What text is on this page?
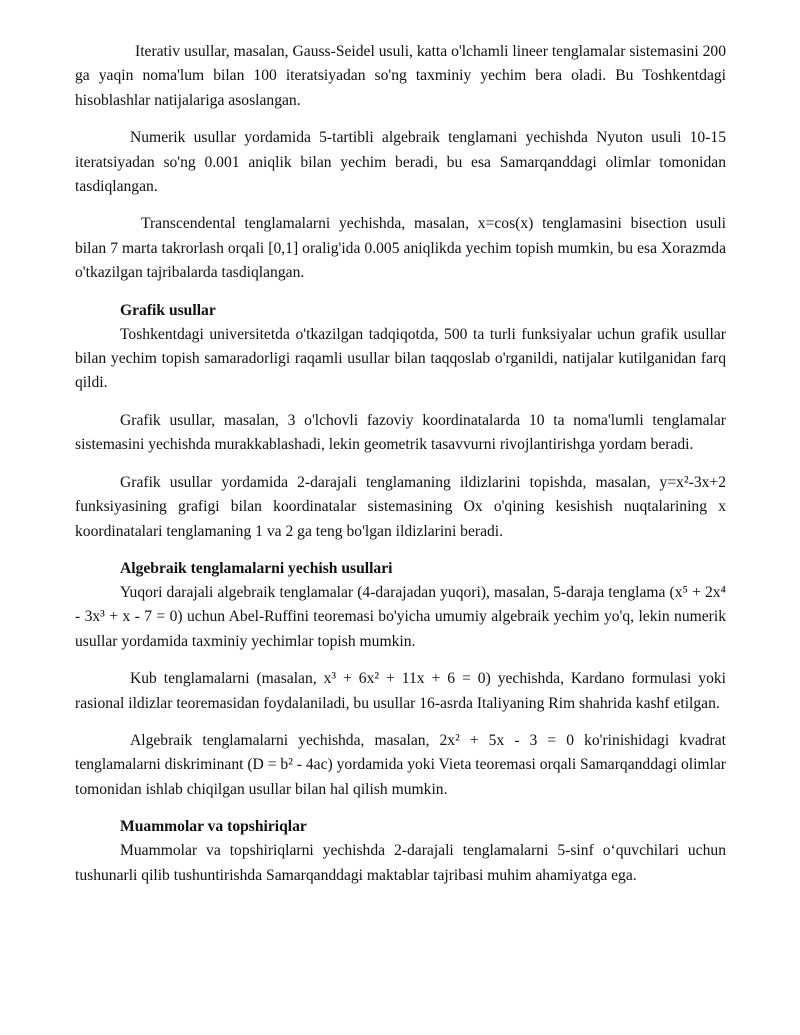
Iterativ usullar, masalan, Gauss-Seidel usuli, katta o'lchamli lineer tenglamalar sistemasini 200 ga yaqin noma'lum bilan 100 iteratsiyadan so'ng taxminiy yechim bera oladi. Bu Toshkentdagi hisoblashlar natijalariga asoslangan.

Numerik usullar yordamida 5-tartibli algebraik tenglamani yechishda Nyuton usuli 10-15 iteratsiyadan so'ng 0.001 aniqlik bilan yechim beradi, bu esa Samarqanddagi olimlar tomonidan tasdiqlangan.

Transcendental tenglamalarni yechishda, masalan, x=cos(x) tenglamasini bisection usuli bilan 7 marta takrorlash orqali [0,1] oralig'ida 0.005 aniqlikda yechim topish mumkin, bu esa Xorazmda o'tkazilgan tajribalarda tasdiqlangan.

Grafik usullar

Toshkentdagi universitetda o'tkazilgan tadqiqotda, 500 ta turli funksiyalar uchun grafik usullar bilan yechim topish samaradorligi raqamli usullar bilan taqqoslab o'rganildi, natijalar kutilganidan farq qildi.

Grafik usullar, masalan, 3 o'lchovli fazoviy koordinatalarda 10 ta noma'lumli tenglamalar sistemasini yechishda murakkablashadi, lekin geometrik tasavvurni rivojlantirishga yordam beradi.

Grafik usullar yordamida 2-darajali tenglamaning ildizlarini topishda, masalan, y=x²-3x+2 funksiyasining grafigi bilan koordinatalar sistemasining Ox o'qining kesishish nuqtalarining x koordinatalari tenglamaning 1 va 2 ga teng bo'lgan ildizlarini beradi.

Algebraik tenglamalarni yechish usullari

Yuqori darajali algebraik tenglamalar (4-darajadan yuqori), masalan, 5-daraja tenglama (x⁵ + 2x⁴ - 3x³ + x - 7 = 0) uchun Abel-Ruffini teoremasi bo'yicha umumiy algebraik yechim yo'q, lekin numerik usullar yordamida taxminiy yechimlar topish mumkin.

Kub tenglamalarni (masalan, x³ + 6x² + 11x + 6 = 0) yechishda, Kardano formulasi yoki rasional ildizlar teoremasidan foydalaniladi, bu usullar 16-asrda Italiyaning Rim shahrida kashf etilgan.

Algebraik tenglamalarni yechishda, masalan, 2x² + 5x - 3 = 0 ko'rinishidagi kvadrat tenglamalarni diskriminant (D = b² - 4ac) yordamida yoki Vieta teoremasi orqali Samarqanddagi olimlar tomonidan ishlab chiqilgan usullar bilan hal qilish mumkin.

Muammolar va topshiriqlar

Muammolar va topshiriqlarni yechishda 2-darajali tenglamalarni 5-sinf o‘quvchilari uchun tushunarli qilib tushuntirishda Samarqanddagi maktablar tajribasi muhim ahamiyatga ega.
